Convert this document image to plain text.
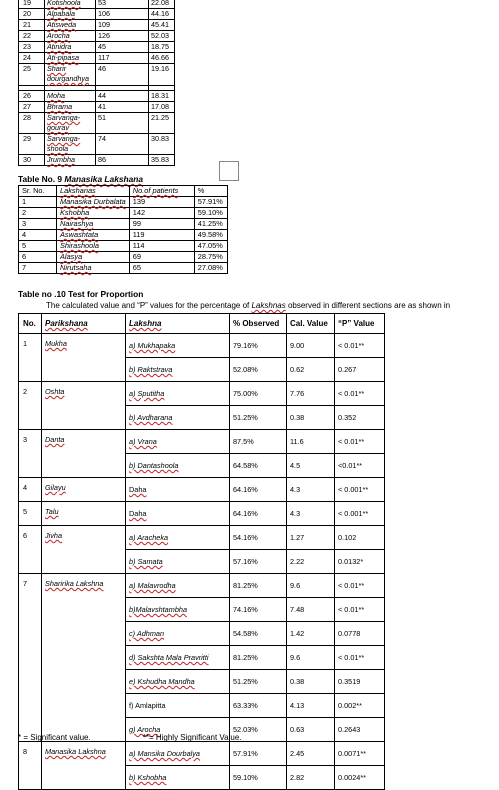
19	Kotishoola	53	22.08
20	Alpabala	106	44.16
21	Atisweda	109	45.41
22	Arocha	126	52.03
23	Atinidra	45	18.75
24	Ati-pipasa	117	46.66
25	Sharir dourgandhya	46	19.16

26	Moha	44	18.31
27	Bhrama	41	17.08
28	Sarvanga-gourav	51	21.25
29	Sarvanga-shoola	74	30.83
30	Jrumbha	86	35.83
Table No. 9 Manasika Lakshana
Sr. No.	Lakshanas	No.of patients	%
1	Manasika Durbalata	139	57.91%
2	Kshobha	142	59.10%
3	Nairashya	99	41.25%
4	Aswashtata	119	49.58%
5	Shirashoola	114	47.05%
6	Alasya	69	28.75%
7	Nirutsaha	65	27.08%
Table no .10 Test for Proportion
The calculated value and “P” values for the percentage of Lakshnas observed in different sections are as shown in
No.	Parikshana	Lakshna	% Observed	Cal. Value	“P” Value
1	Mukha	a) Mukhapaka	79.16%	9.00	< 0.01**
		b) Raktstrava	52.08%	0.62	0.267
2	Oshta	a) Sputitha	75.00%	7.76	< 0.01**
		b) Avdharana	51.25%	0.38	0.352
3	Danta	a) Vrana	87.5%	11.6	< 0.01**
		b) Dantashoola	64.58%	4.5	<0.01**
4	Gilayu	Daha	64.16%	4.3	< 0.001**
5	Talu	Daha	64.16%	4.3	< 0.001**
6	Jivha	a) Aracheka	54.16%	1.27	0.102
		b) Samata	57.16%	2.22	0.0132*
7	Sharirika Lakshna	a) Malavrodha	81.25%	9.6	< 0.01**
		b)Malavshtambha	74.16%	7.48	< 0.01**
		c) Adhman	54.58%	1.42	0.0778
		d) Sakshta Mala Pravritti	81.25%	9.6	< 0.01**
		e) Kshudha Mandha	51.25%	0.38	0.3519
		f) Amlapitta	63.33%	4.13	0.002**
		g) Arocha	52.03%	0.63	0.2643
8	Manasika Lakshna	a) Mansika Dourbalya	57.91%	2.45	0.0071**
		b) Kshobha	59.10%	2.82	0.0024**
* = Significant value.	**= Highly Significant Value.
